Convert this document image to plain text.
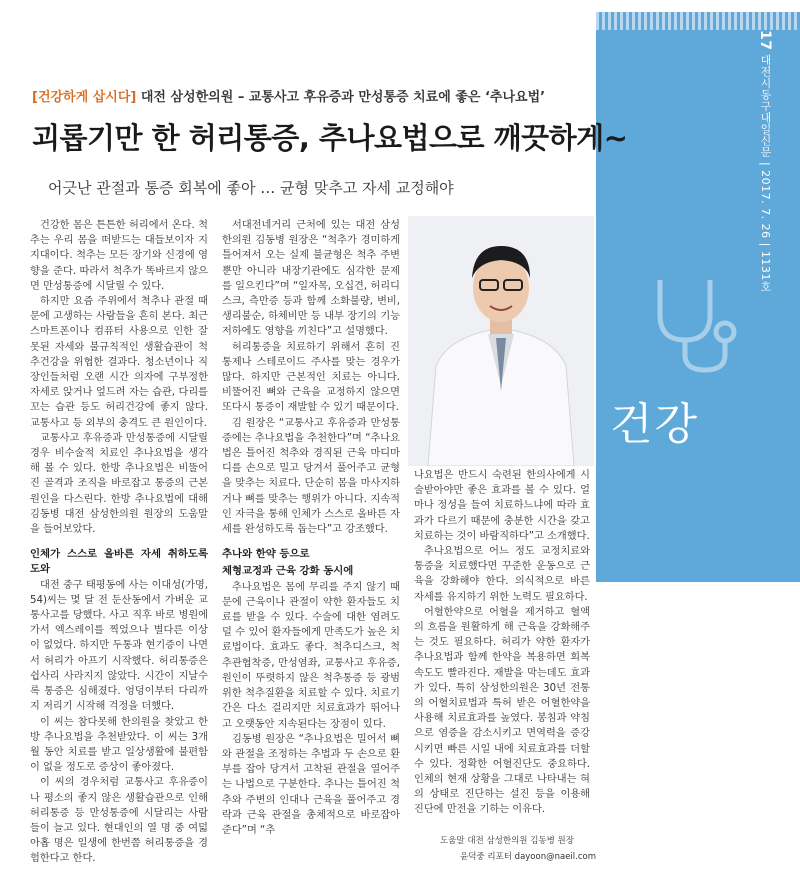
17 대전시동구내일신문 | 2017. 7. 26 | 1131호
건강
[건강하게 삽시다] 대전 삼성한의원 – 교통사고 후유증과 만성통증 치료에 좋은 ‘추나요법’
괴롭기만 한 허리통증, 추나요법으로 깨끗하게~
어긋난 관절과 통증 회복에 좋아 … 균형 맞추고 자세 교정해야

건강한 몸은 튼튼한 허리에서 온다. 척추는 우리 몸을 떠받드는 대들보이자 지지대이다. 척추는 모든 장기와 신경에 영향을 준다. 따라서 척추가 똑바르지 않으면 만성통증에 시달릴 수 있다.

하지만 요즘 주위에서 척추나 관절 때문에 고생하는 사람들을 흔히 본다. 최근 스마트폰이나 컴퓨터 사용으로 인한 잘못된 자세와 불규칙적인 생활습관이 척추건강을 위협한 결과다. 청소년이나 직장인들처럼 오랜 시간 의자에 구부정한 자세로 앉거나 엎드려 자는 습관, 다리를 꼬는 습관 등도 허리건강에 좋지 않다. 교통사고 등 외부의 충격도 큰 원인이다.

교통사고 후유증과 만성통증에 시달릴 경우 비수술적 치료인 추나요법을 생각해 볼 수 있다. 한방 추나요법은 비뚤어진 골격과 조직을 바로잡고 통증의 근본원인을 다스린다. 한방 추나요법에 대해 김동병 대전 삼성한의원 원장의 도움말을 들어보았다.

인체가 스스로 올바른 자세 취하도록 도와

대전 중구 태평동에 사는 이대성(가명, 54)씨는 몇 달 전 둔산동에서 가벼운 교통사고를 당했다. 사고 직후 바로 병원에 가서 엑스레이를 찍었으나 별다른 이상이 없었다. 하지만 두통과 현기증이 나면서 허리가 아프기 시작했다. 허리통증은 쉽사리 사라지지 않았다. 시간이 지날수록 통증은 심해졌다. 엉덩이부터 다리까지 저리기 시작해 걱정을 더했다.

이 씨는 참다못해 한의원을 찾았고 한방 추나요법을 추천받았다. 이 씨는 3개월 동안 치료를 받고 일상생활에 불편함이 없을 정도로 증상이 좋아졌다.

이 씨의 경우처럼 교통사고 후유증이나 평소의 좋지 않은 생활습관으로 인해 허리통증 등 만성통증에 시달리는 사람들이 늘고 있다. 현대인의 열 명 중 여덟아홉 명은 일생에 한번쯤 허리통증을 경험한다고 한다.

서대전네거리 근처에 있는 대전 삼성한의원 김동병 원장은 “척추가 경미하게 틀어져서 오는 실제 불균형은 척추 주변뿐만 아니라 내장기관에도 심각한 문제를 일으킨다”며 “일자목, 오십견, 허리디스크, 측만증 등과 함께 소화불량, 변비, 생리불순, 하체비만 등 내부 장기의 기능 저하에도 영향을 끼친다”고 설명했다.

허리통증을 치료하기 위해서 흔히 진통제나 스테로이드 주사를 맞는 경우가 많다. 하지만 근본적인 치료는 아니다. 비뚤어진 뼈와 근육을 교정하지 않으면 또다시 통증이 재발할 수 있기 때문이다.

김 원장은 “교통사고 후유증과 만성통증에는 추나요법을 추천한다”며 “추나요법은 틀어진 척추와 경직된 근육 마디마디를 손으로 밀고 당겨서 풀어주고 균형을 맞추는 치료다. 단순히 몸을 마사지하거나 뼈를 맞추는 행위가 아니다. 지속적인 자극을 통해 인체가 스스로 올바른 자세를 완성하도록 돕는다”고 강조했다.

추나와 한약 등으로
체형교정과 근육 강화 동시에

추나요법은 몸에 무리를 주지 않기 때문에 근육이나 관절이 약한 환자들도 치료를 받을 수 있다. 수술에 대한 염려도 덜 수 있어 환자들에게 만족도가 높은 치료법이다. 효과도 좋다. 척추디스크, 척추관협착증, 만성염좌, 교통사고 후유증, 원인이 뚜렷하지 않은 척추통증 등 광범위한 척추질환을 치료할 수 있다. 치료기간은 다소 걸리지만 치료효과가 뛰어나고 오랫동안 지속된다는 장점이 있다.

김동병 원장은 “추나요법은 밀어서 뼈와 관절을 조정하는 추법과 두 손으로 환부를 잡아 당겨서 고착된 관절을 열어주는 나법으로 구분한다. 추나는 틀어진 척추와 주변의 인대나 근육을 풀어주고 경락과 근육 관절을 총체적으로 바로잡아준다”며 “추

나요법은 반드시 숙련된 한의사에게 시술받아야만 좋은 효과를 볼 수 있다. 얼마나 정성을 들여 치료하느냐에 따라 효과가 다르기 때문에 충분한 시간을 갖고 치료하는 것이 바람직하다”고 소개했다.

추나요법으로 어느 정도 교정치료와 통증을 치료했다면 꾸준한 운동으로 근육을 강화해야 한다. 의식적으로 바른 자세를 유지하기 위한 노력도 필요하다.

어혈한약으로 어혈을 제거하고 혈액의 흐름을 원활하게 해 근육을 강화해주는 것도 필요하다. 허리가 약한 환자가 추나요법과 함께 한약을 복용하면 회복속도도 빨라진다. 재발을 막는데도 효과가 있다. 특히 삼성한의원은 30년 전통의 어혈치료법과 특허 받은 어혈한약을 사용해 치료효과를 높였다. 봉침과 약침으로 염증을 감소시키고 면역력을 증강시키면 빠른 시일 내에 치료효과를 더할 수 있다. 정확한 어혈진단도 중요하다. 인체의 현재 상황을 그대로 나타내는 혀의 상태로 진단하는 설진 등을 이용해 진단에 만전을 기하는 이유다.

도움말 대전 삼성한의원 김동병 원장
윤덕중 리포터 dayoon@naeil.com
